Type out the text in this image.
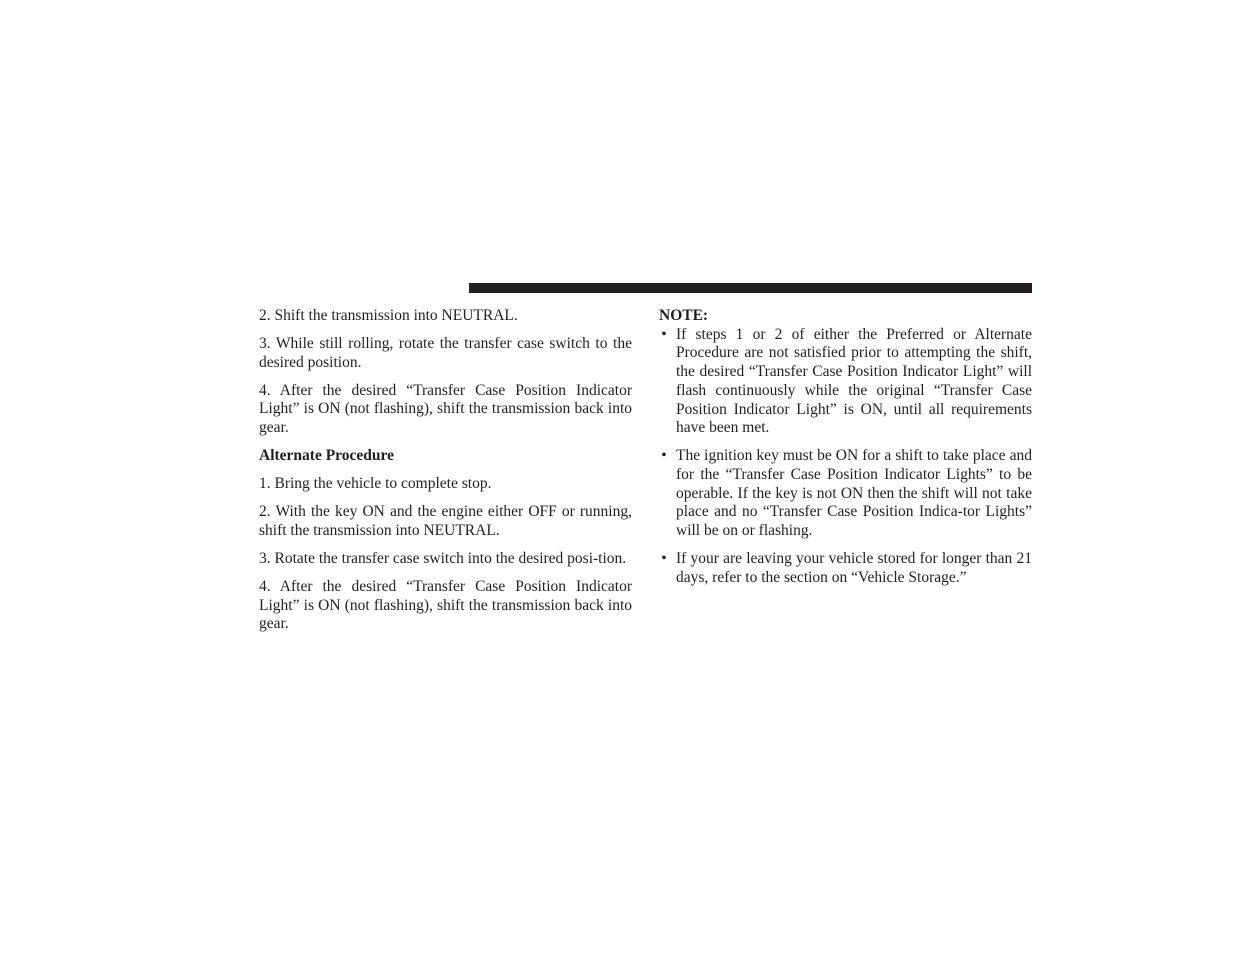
2. Shift the transmission into NEUTRAL.

3. While still rolling, rotate the transfer case switch to the desired position.

4. After the desired “Transfer Case Position Indicator Light” is ON (not flashing), shift the transmission back into gear.

Alternate Procedure

1. Bring the vehicle to complete stop.

2. With the key ON and the engine either OFF or running, shift the transmission into NEUTRAL.

3. Rotate the transfer case switch into the desired posi-tion.

4. After the desired “Transfer Case Position Indicator Light” is ON (not flashing), shift the transmission back into gear.

NOTE:

• If steps 1 or 2 of either the Preferred or Alternate Procedure are not satisfied prior to attempting the shift, the desired “Transfer Case Position Indicator Light” will flash continuously while the original “Transfer Case Position Indicator Light” is ON, until all requirements have been met.
• The ignition key must be ON for a shift to take place and for the “Transfer Case Position Indicator Lights” to be operable. If the key is not ON then the shift will not take place and no “Transfer Case Position Indica-tor Lights” will be on or flashing.
• If your are leaving your vehicle stored for longer than 21 days, refer to the section on “Vehicle Storage.”
